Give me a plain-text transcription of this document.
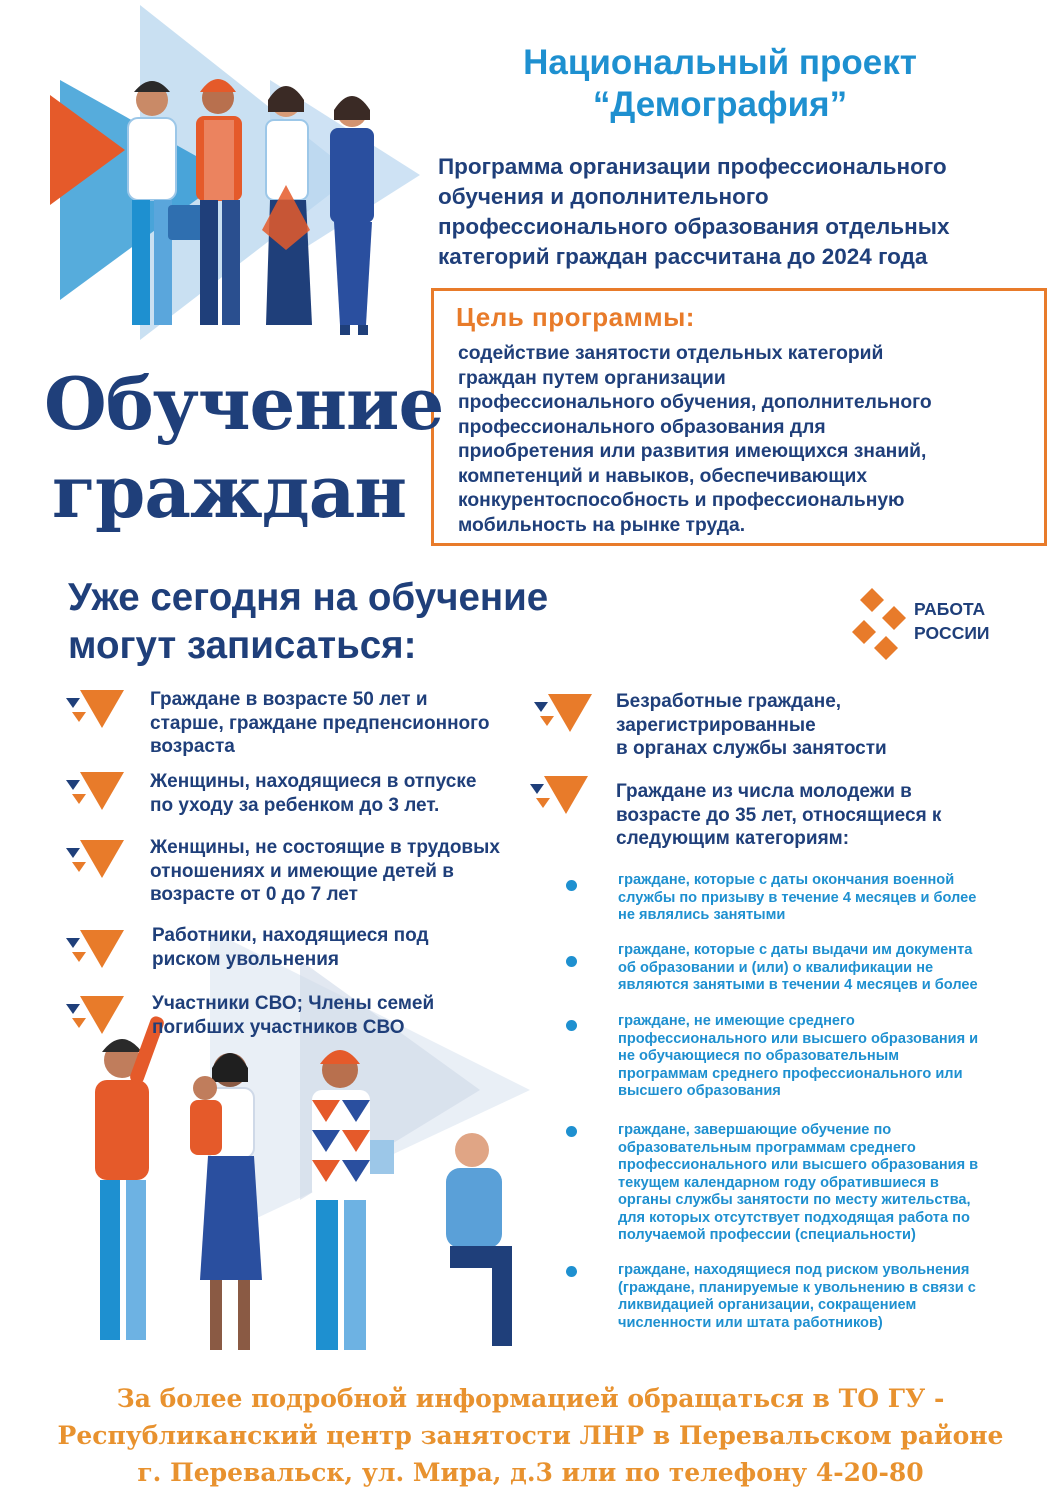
Национальный проект
“Демография”
Программа организации профессионального
обучения и дополнительного
профессионального образования отдельных
категорий граждан рассчитана до 2024 года
Цель программы:
содействие занятости отдельных категорий
граждан путем организации
профессионального обучения, дополнительного
профессионального образования для
приобретения или развития имеющихся знаний,
компетенций и навыков, обеспечивающих
конкурентоспособность и профессиональную
мобильность на рынке труда.
Обучение
граждан
Уже сегодня на обучение
могут записаться:
РАБОТА
РОССИИ
Граждане в возрасте 50 лет и
старше, граждане предпенсионного
возраста
Женщины, находящиеся в отпуске
по уходу за ребенком до 3 лет.
Женщины, не состоящие в трудовых
отношениях и имеющие детей в
возрасте от 0 до 7 лет
Работники, находящиеся под
риском увольнения
Участники СВО; Члены семей
погибших участников СВО
Безработные граждане,
зарегистрированные
в органах службы занятости
Граждане из числа молодежи в
возрасте до 35 лет, относящиеся к
следующим категориям:
граждане, которые с даты окончания военной
службы по призыву в течение 4 месяцев и более
не являлись занятыми
граждане, которые с даты выдачи им документа
об образовании и (или) о квалификации не
являются занятыми в течении 4 месяцев и более
граждане, не имеющие среднего
профессионального или высшего образования и
не обучающиеся по образовательным
программам среднего профессионального или
высшего образования
граждане, завершающие обучение по
образовательным программам среднего
профессионального или высшего образования в
текущем календарном году обратившиеся в
органы службы занятости по месту жительства,
для которых отсутствует подходящая работа по
получаемой профессии (специальности)
граждане, находящиеся под риском увольнения
(граждане, планируемые к увольнению в связи с
ликвидацией организации, сокращением
численности или штата работников)
За более подробной информацией обращаться в ТО ГУ -
Республиканский центр занятости ЛНР в Перевальском районе
г. Перевальск, ул. Мира, д.3 или по телефону 4-20-80
